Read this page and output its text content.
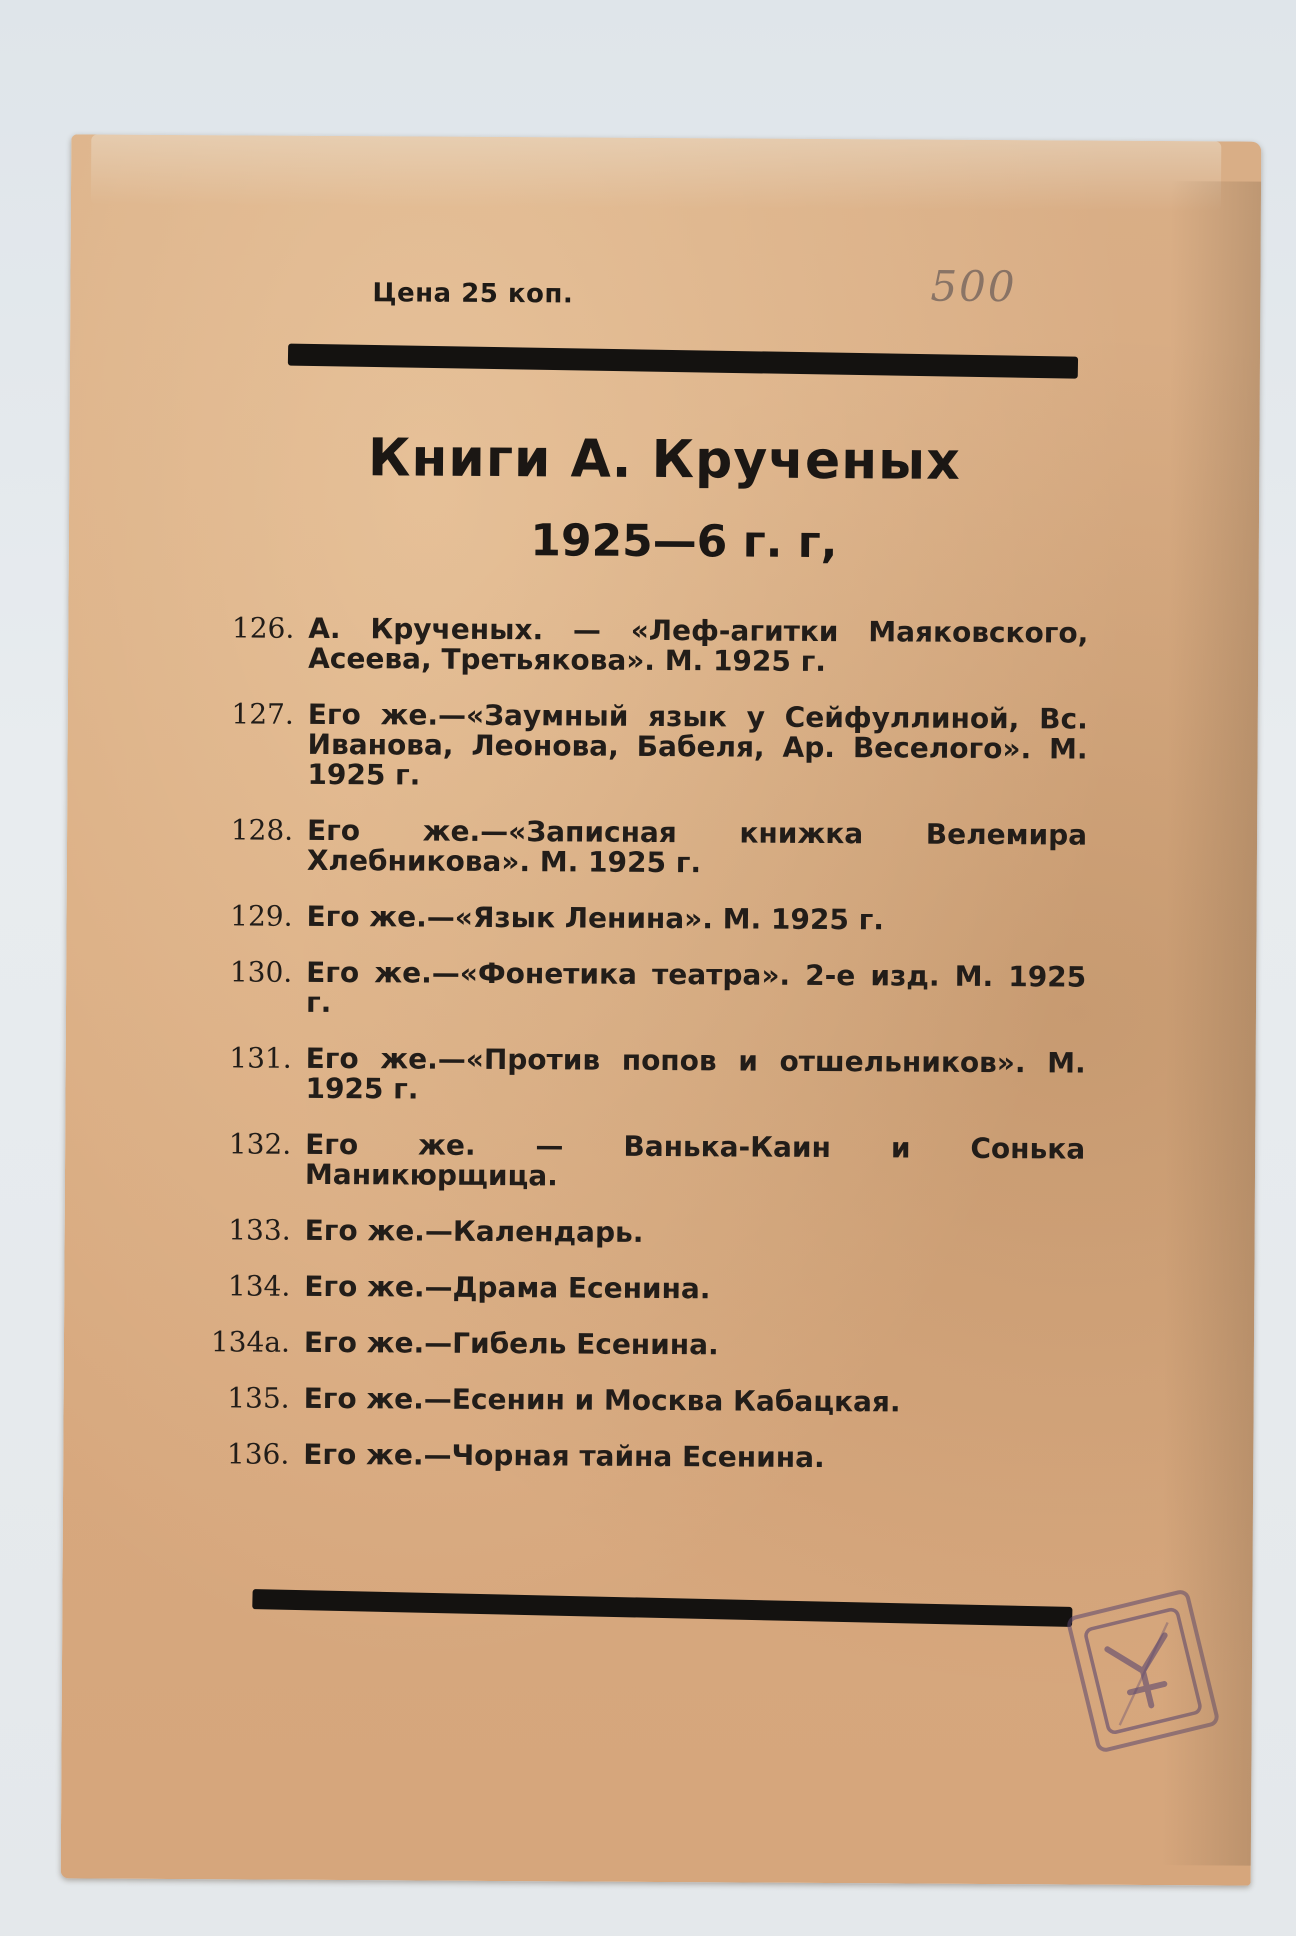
Цена 25 коп.	500
Книги А. Крученых
1925—6 г. г,
126. А. Крученых. — «Леф-агитки Маяковского, Асеева, Третьякова». М. 1925 г.
127. Его же.—«Заумный язык у Сейфуллиной, Вс. Иванова, Леонова, Бабеля, Ар. Веселого». М. 1925 г.
128. Его же.—«Записная книжка Велемира Хлебникова». М. 1925 г.
129. Его же.—«Язык Ленина». М. 1925 г.
130. Его же.—«Фонетика театра». 2-е изд. М. 1925 г.
131. Его же.—«Против попов и отшельников». М. 1925 г.
132. Его же. — Ванька-Каин и Сонька Маникюрщица.
133. Его же.—Календарь.
134. Его же.—Драма Есенина.
134а. Его же.—Гибель Есенина.
135. Его же.—Есенин и Москва Кабацкая.
136. Его же.—Чорная тайна Есенина.
